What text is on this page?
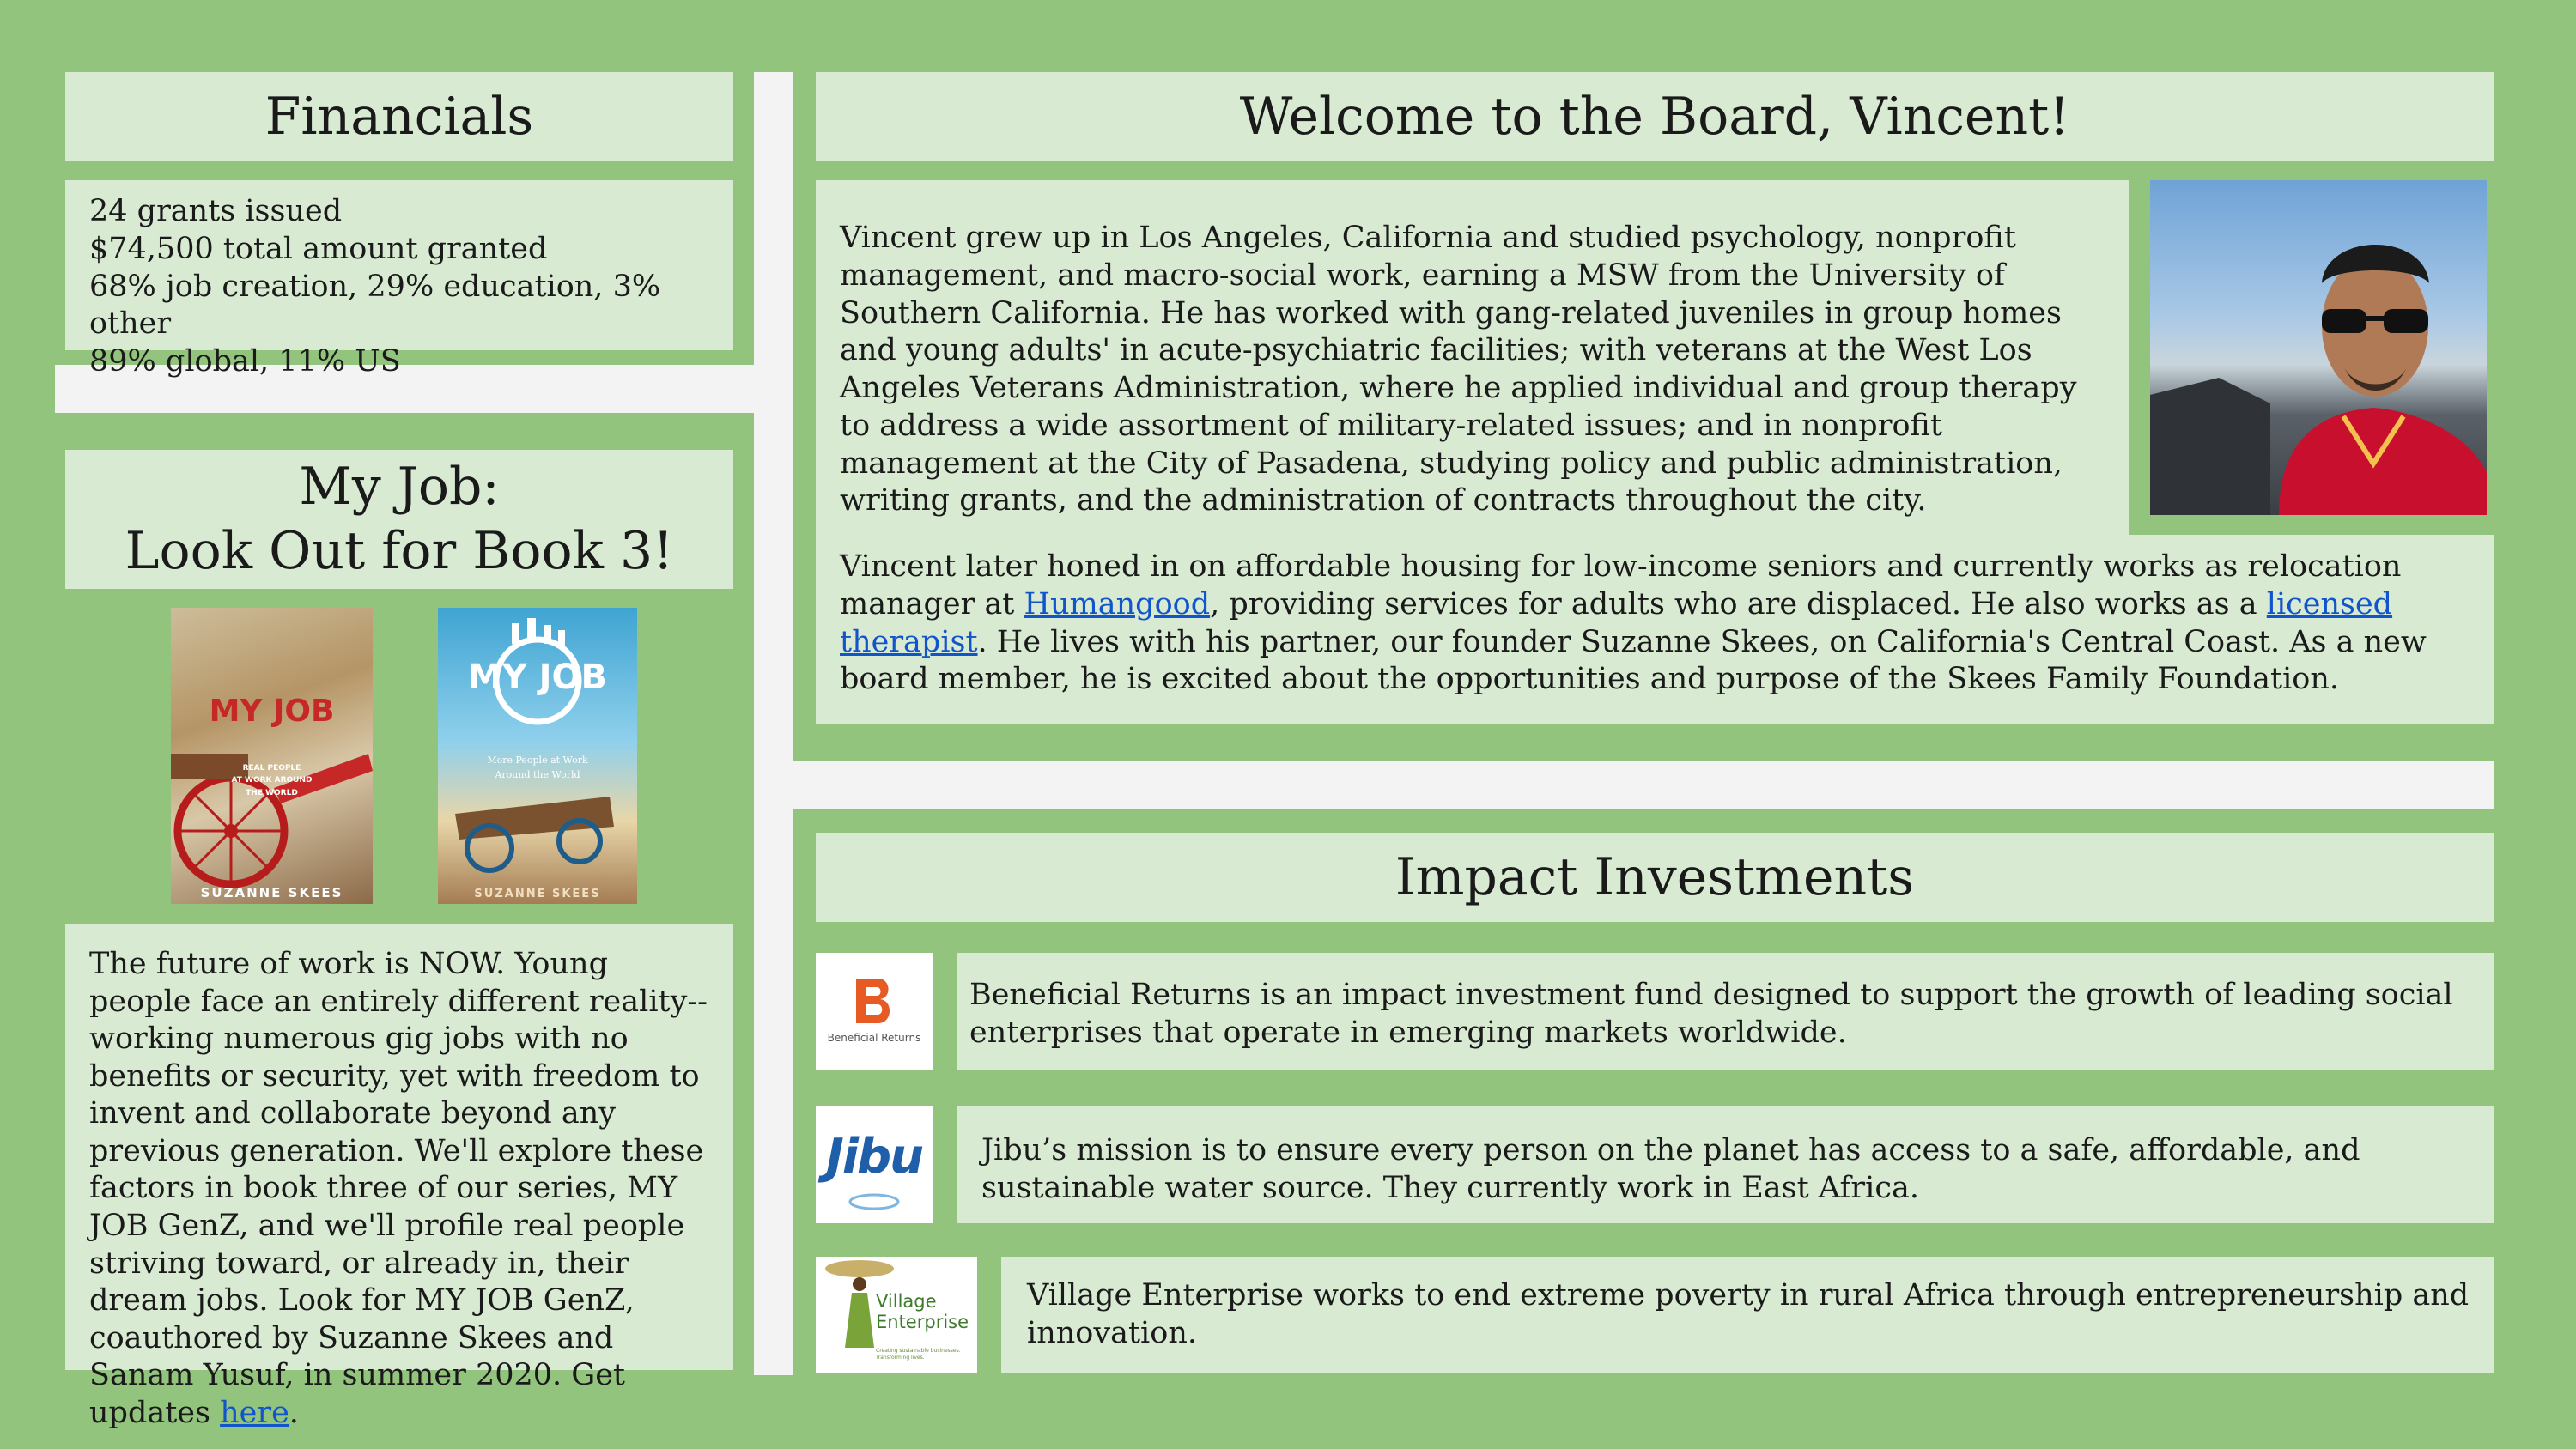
Financials
24 grants issued
$74,500 total amount granted
68% job creation, 29% education, 3% other
89% global, 11% US
My Job:
Look Out for Book 3!
MY JOB
REAL PEOPLE
AT WORK AROUND
THE WORLD
SUZANNE SKEES
MY JOB
More People at Work
Around the World
SUZANNE SKEES

The future of work is NOW. Young people face an entirely different reality--working numerous gig jobs with no benefits or security, yet with freedom to invent and collaborate beyond any previous generation. We'll explore these factors in book three of our series, MY JOB GenZ, and we'll profile real people striving toward, or already in, their dream jobs. Look for MY JOB GenZ, coauthored by Suzanne Skees and Sanam Yusuf, in summer 2020. Get updates here.

Welcome to the Board, Vincent!

Vincent grew up in Los Angeles, California and studied psychology, nonprofit management, and macro-social work, earning a MSW from the University of Southern California. He has worked with gang-related juveniles in group homes and young adults' in acute-psychiatric facilities; with veterans at the West Los Angeles Veterans Administration, where he applied individual and group therapy to address a wide assortment of military-related issues; and in nonprofit management at the City of Pasadena, studying policy and public administration, writing grants, and the administration of contracts throughout the city.

Vincent later honed in on affordable housing for low-income seniors and currently works as relocation manager at Humangood, providing services for adults who are displaced. He also works as a licensed therapist. He lives with his partner, our founder Suzanne Skees, on California's Central Coast. As a new board member, he is excited about the opportunities and purpose of the Skees Family Foundation.

Impact Investments
Beneficial Returns

Beneficial Returns is an impact investment fund designed to support the growth of leading social enterprises that operate in emerging markets worldwide.

Jibu	Jibu’s mission is to ensure every person on the planet has access to a safe, affordable, and sustainable water source. They currently work in East Africa.

Village
Enterprise
Creating sustainable businesses. Transforming lives.

Village Enterprise works to end extreme poverty in rural Africa through entrepreneurship and innovation.
